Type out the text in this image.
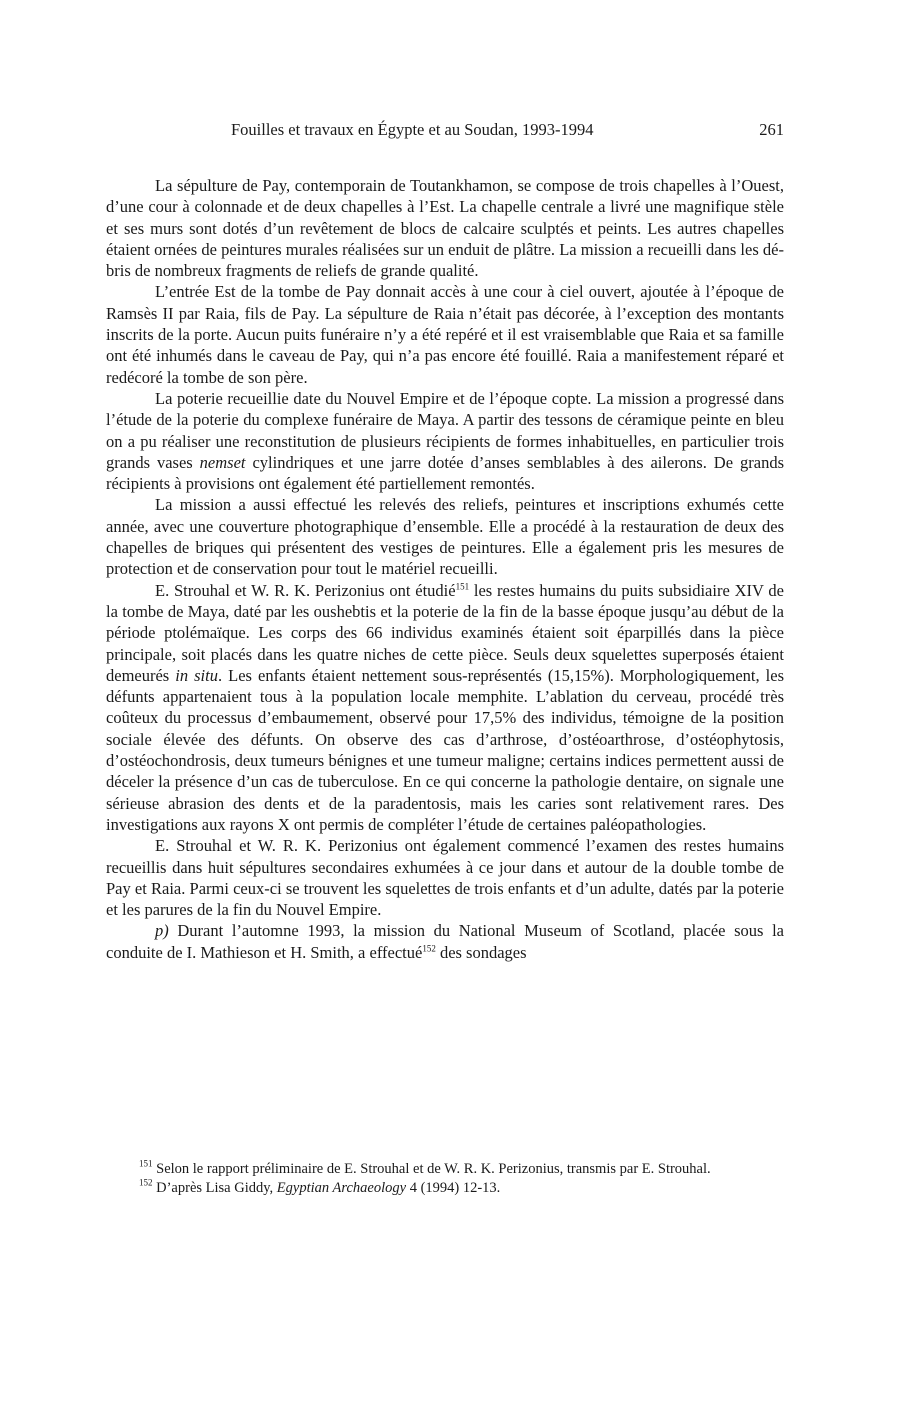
Fouilles et travaux en Égypte et au Soudan, 1993-1994	261

La sépulture de Pay, contemporain de Toutankhamon, se compose de trois chapelles à l’Ouest, d’une cour à colonnade et de deux chapelles à l’Est. La chapelle centrale a livré une magnifique stèle et ses murs sont dotés d’un revêtement de blocs de calcaire sculptés et peints. Les autres chapelles étaient ornées de peintures murales réalisées sur un enduit de plâtre. La mission a recueilli dans les débris de nombreux fragments de reliefs de grande qualité.

L’entrée Est de la tombe de Pay donnait accès à une cour à ciel ouvert, ajoutée à l’époque de Ramsès II par Raia, fils de Pay. La sépulture de Raia n’était pas décorée, à l’exception des montants inscrits de la porte. Aucun puits funéraire n’y a été repéré et il est vraisemblable que Raia et sa famille ont été inhumés dans le caveau de Pay, qui n’a pas encore été fouillé. Raia a manifestement réparé et redécoré la tombe de son père.

La poterie recueillie date du Nouvel Empire et de l’époque copte. La mission a progressé dans l’étude de la poterie du complexe funéraire de Maya. A partir des tessons de céramique peinte en bleu on a pu réaliser une reconstitution de plusieurs récipients de formes inhabituelles, en particulier trois grands vases nemset cylindriques et une jarre dotée d’anses semblables à des ailerons. De grands récipients à provisions ont également été partiellement remontés.

La mission a aussi effectué les relevés des reliefs, peintures et inscriptions exhumés cette année, avec une couverture photographique d’ensemble. Elle a procédé à la restauration de deux des chapelles de briques qui présentent des vestiges de peintures. Elle a également pris les mesures de protection et de conservation pour tout le matériel recueilli.

E. Strouhal et W. R. K. Perizonius ont étudié$^{151}$ les restes humains du puits subsidiaire XIV de la tombe de Maya, daté par les oushebtis et la poterie de la fin de la basse époque jusqu’au début de la période ptolémaïque. Les corps des 66 individus examinés étaient soit éparpillés dans la pièce principale, soit placés dans les quatre niches de cette pièce. Seuls deux squelettes superposés étaient demeurés in situ. Les enfants étaient nettement sous-représentés (15,15%). Morphologiquement, les défunts appartenaient tous à la population locale memphite. L’ablation du cerveau, procédé très coûteux du processus d’embaumement, observé pour 17,5% des individus, témoigne de la position sociale élevée des défunts. On observe des cas d’arthrose, d’ostéoarthrose, d’ostéophytosis, d’ostéochondrosis, deux tumeurs bénignes et une tumeur maligne; certains indices permettent aussi de déceler la présence d’un cas de tuberculose. En ce qui concerne la pathologie dentaire, on signale une sérieuse abrasion des dents et de la paradentosis, mais les caries sont relativement rares. Des investigations aux rayons X ont permis de compléter l’étude de certaines paléopathologies.

E. Strouhal et W. R. K. Perizonius ont également commencé l’examen des restes humains recueillis dans huit sépultures secondaires exhumées à ce jour dans et autour de la double tombe de Pay et Raia. Parmi ceux-ci se trouvent les squelettes de trois enfants et d’un adulte, datés par la poterie et les parures de la fin du Nouvel Empire.

p) Durant l’automne 1993, la mission du National Museum of Scotland, placée sous la conduite de I. Mathieson et H. Smith, a effectué$^{152}$ des sondages

$^{151}$ Selon le rapport préliminaire de E. Strouhal et de W. R. K. Perizonius, transmis par E. Strouhal.

$^{152}$ D’après Lisa Giddy, Egyptian Archaeology 4 (1994) 12-13.
